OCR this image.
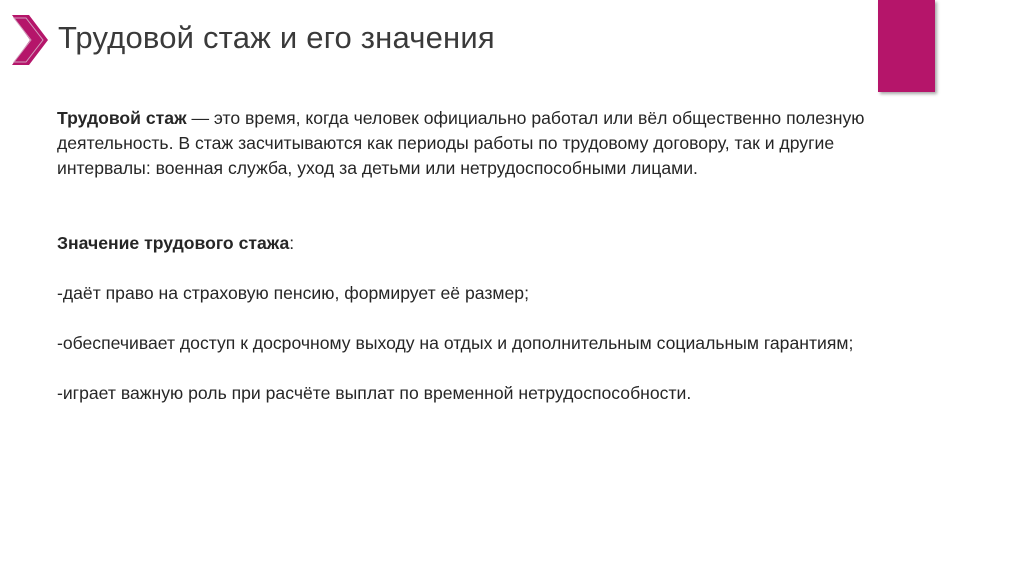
Трудовой стаж и его значения

Трудовой стаж — это время, когда человек официально работал или вёл общественно полезную деятельность. В стаж засчитываются как периоды работы по трудовому договору, так и другие интервалы: военная служба, уход за детьми или нетрудоспособными лицами.

Значение трудового стажа:

-даёт право на страховую пенсию, формирует её размер;

-обеспечивает доступ к досрочному выходу на отдых и дополнительным социальным гарантиям;

-играет важную роль при расчёте выплат по временной нетрудоспособности.
